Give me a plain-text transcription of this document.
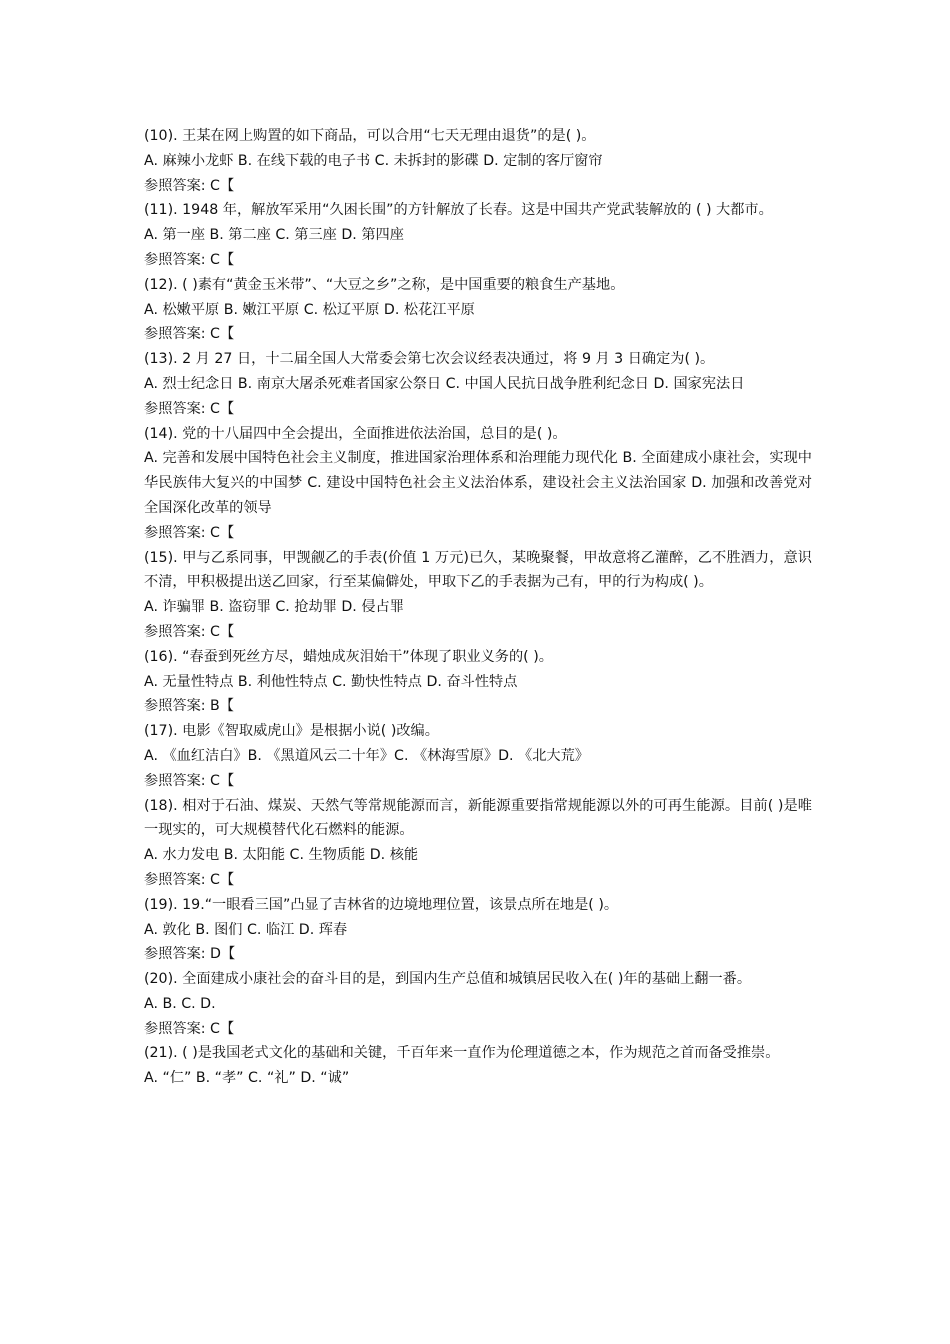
(10). 王某在网上购置的如下商品，可以合用“七天无理由退货”的是( )。

A. 麻辣小龙虾 B. 在线下载的电子书 C. 未拆封的影碟 D. 定制的客厅窗帘

参照答案: C【

(11). 1948 年，解放军采用“久困长围”的方针解放了长春。这是中国共产党武装解放的 ( ) 大都市。

A. 第一座 B. 第二座 C. 第三座 D. 第四座

参照答案: C【

(12). ( )素有“黄金玉米带”、“大豆之乡”之称，是中国重要的粮食生产基地。

A. 松嫩平原 B. 嫩江平原 C. 松辽平原 D. 松花江平原

参照答案: C【

(13). 2 月 27 日，十二届全国人大常委会第七次会议经表决通过，将 9 月 3 日确定为( )。

A. 烈士纪念日 B. 南京大屠杀死难者国家公祭日 C. 中国人民抗日战争胜利纪念日 D. 国家宪法日

参照答案: C【

(14). 党的十八届四中全会提出，全面推进依法治国，总目的是( )。

A. 完善和发展中国特色社会主义制度，推进国家治理体系和治理能力现代化 B. 全面建成小康社会，实现中华民族伟大复兴的中国梦 C. 建设中国特色社会主义法治体系，建设社会主义法治国家 D. 加强和改善党对全国深化改革的领导

参照答案: C【

(15). 甲与乙系同事，甲觊觎乙的手表(价值 1 万元)已久，某晚聚餐，甲故意将乙灌醉，乙不胜酒力，意识不清，甲积极提出送乙回家，行至某偏僻处，甲取下乙的手表据为己有，甲的行为构成( )。

A. 诈骗罪 B. 盗窃罪 C. 抢劫罪 D. 侵占罪

参照答案: C【

(16). “春蚕到死丝方尽，蜡烛成灰泪始干”体现了职业义务的( )。

A. 无量性特点 B. 利他性特点 C. 勤快性特点 D. 奋斗性特点

参照答案: B【

(17). 电影《智取威虎山》是根据小说( )改编。

A. 《血红洁白》B. 《黑道风云二十年》C. 《林海雪原》D. 《北大荒》

参照答案: C【

(18). 相对于石油、煤炭、天然气等常规能源而言，新能源重要指常规能源以外的可再生能源。目前( )是唯一现实的，可大规模替代化石燃料的能源。

A. 水力发电 B. 太阳能 C. 生物质能 D. 核能

参照答案: C【

(19). 19.“一眼看三国”凸显了吉林省的边境地理位置，该景点所在地是( )。

A. 敦化 B. 图们 C. 临江 D. 珲春

参照答案: D【

(20). 全面建成小康社会的奋斗目的是，到国内生产总值和城镇居民收入在( )年的基础上翻一番。

A. B. C. D.

参照答案: C【

(21). ( )是我国老式文化的基础和关键，千百年来一直作为伦理道德之本，作为规范之首而备受推崇。

A. “仁” B. “孝” C. “礼” D. “诚”
